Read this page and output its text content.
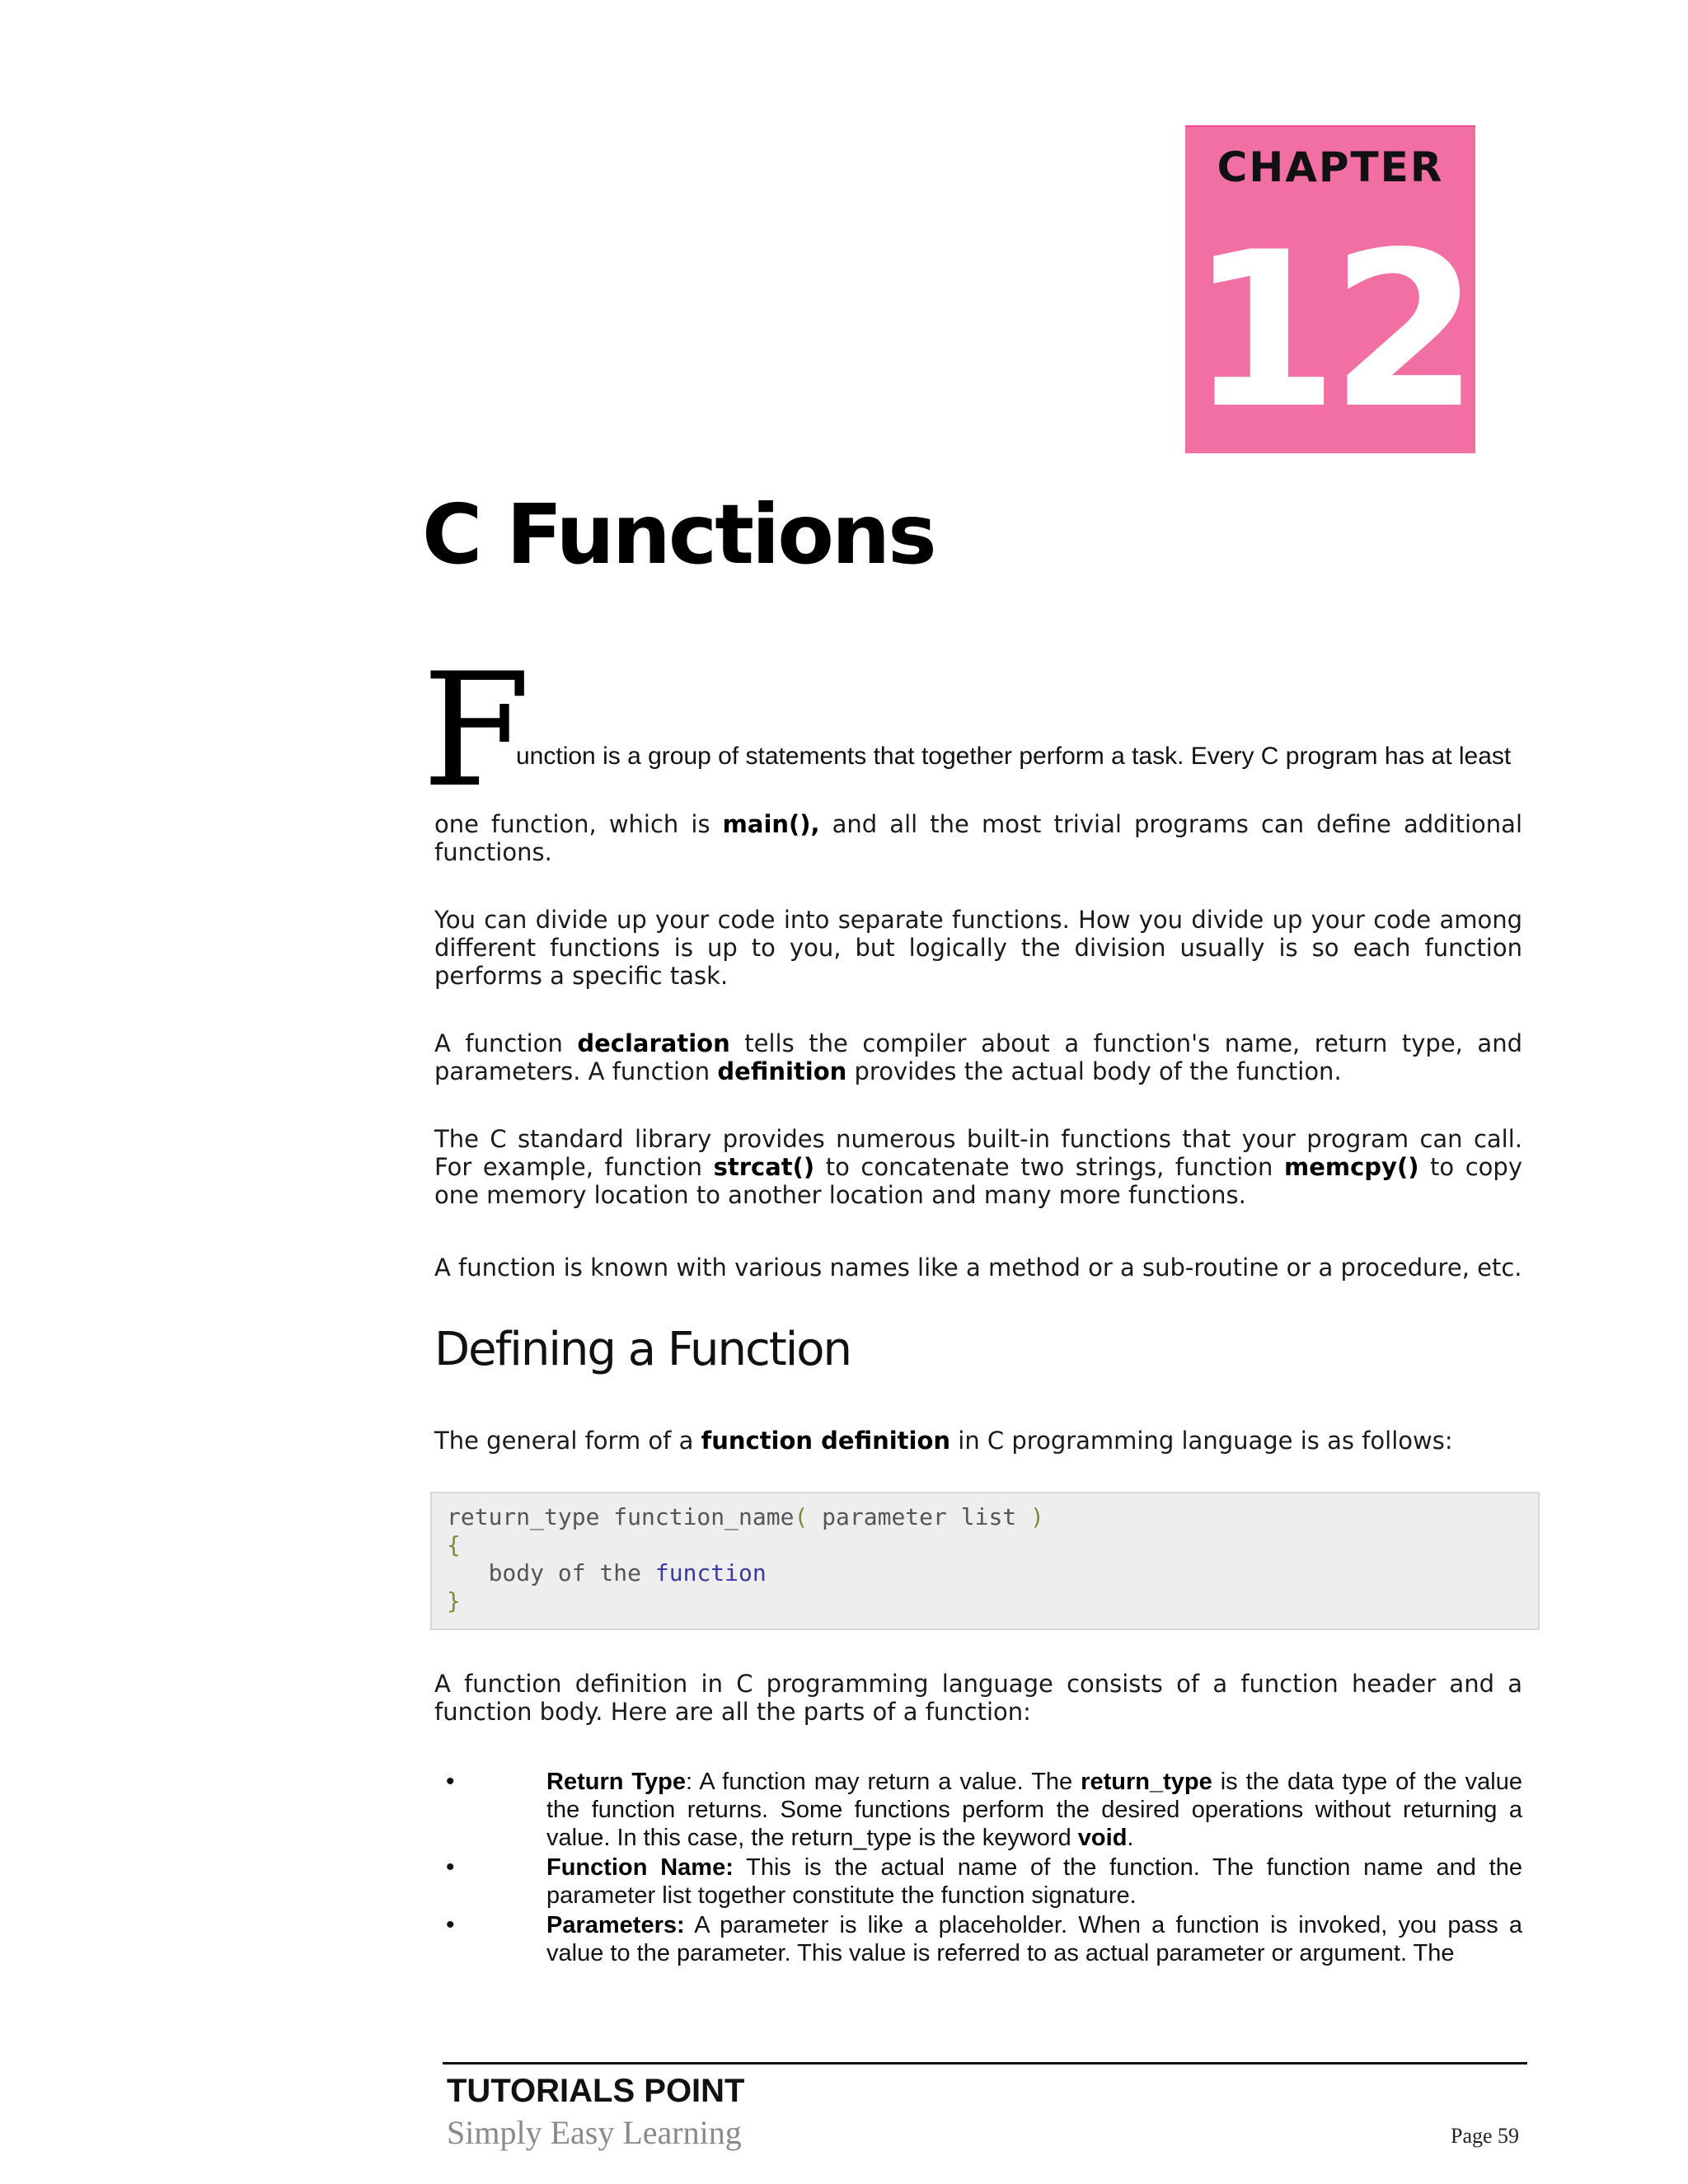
CHAPTER
12
C Functions
F

unction is a group of statements that together perform a task. Every C program has at least

one function, which is main(), and all the most trivial programs can define additional functions.

You can divide up your code into separate functions. How you divide up your code among different functions is up to you, but logically the division usually is so each function performs a specific task.

A function declaration tells the compiler about a function's name, return type, and parameters. A function definition provides the actual body of the function.

The C standard library provides numerous built-in functions that your program can call. For example, function strcat() to concatenate two strings, function memcpy() to copy one memory location to another location and many more functions.

A function is known with various names like a method or a sub-routine or a procedure, etc.

Defining a Function

The general form of a function definition in C programming language is as follows:

return_type function_name( parameter list )
{
body of the function
}

A function definition in C programming language consists of a function header and a function body. Here are all the parts of a function:

•	Return Type: A function may return a value. The return_type is the data type of the value the function returns. Some functions perform the desired operations without returning a value. In this case, the return_type is the keyword void.
•	Function Name: This is the actual name of the function. The function name and the parameter list together constitute the function signature.
•	Parameters: A parameter is like a placeholder. When a function is invoked, you pass a value to the parameter. This value is referred to as actual parameter or argument. The
TUTORIALS POINT
Simply Easy Learning	Page 59
